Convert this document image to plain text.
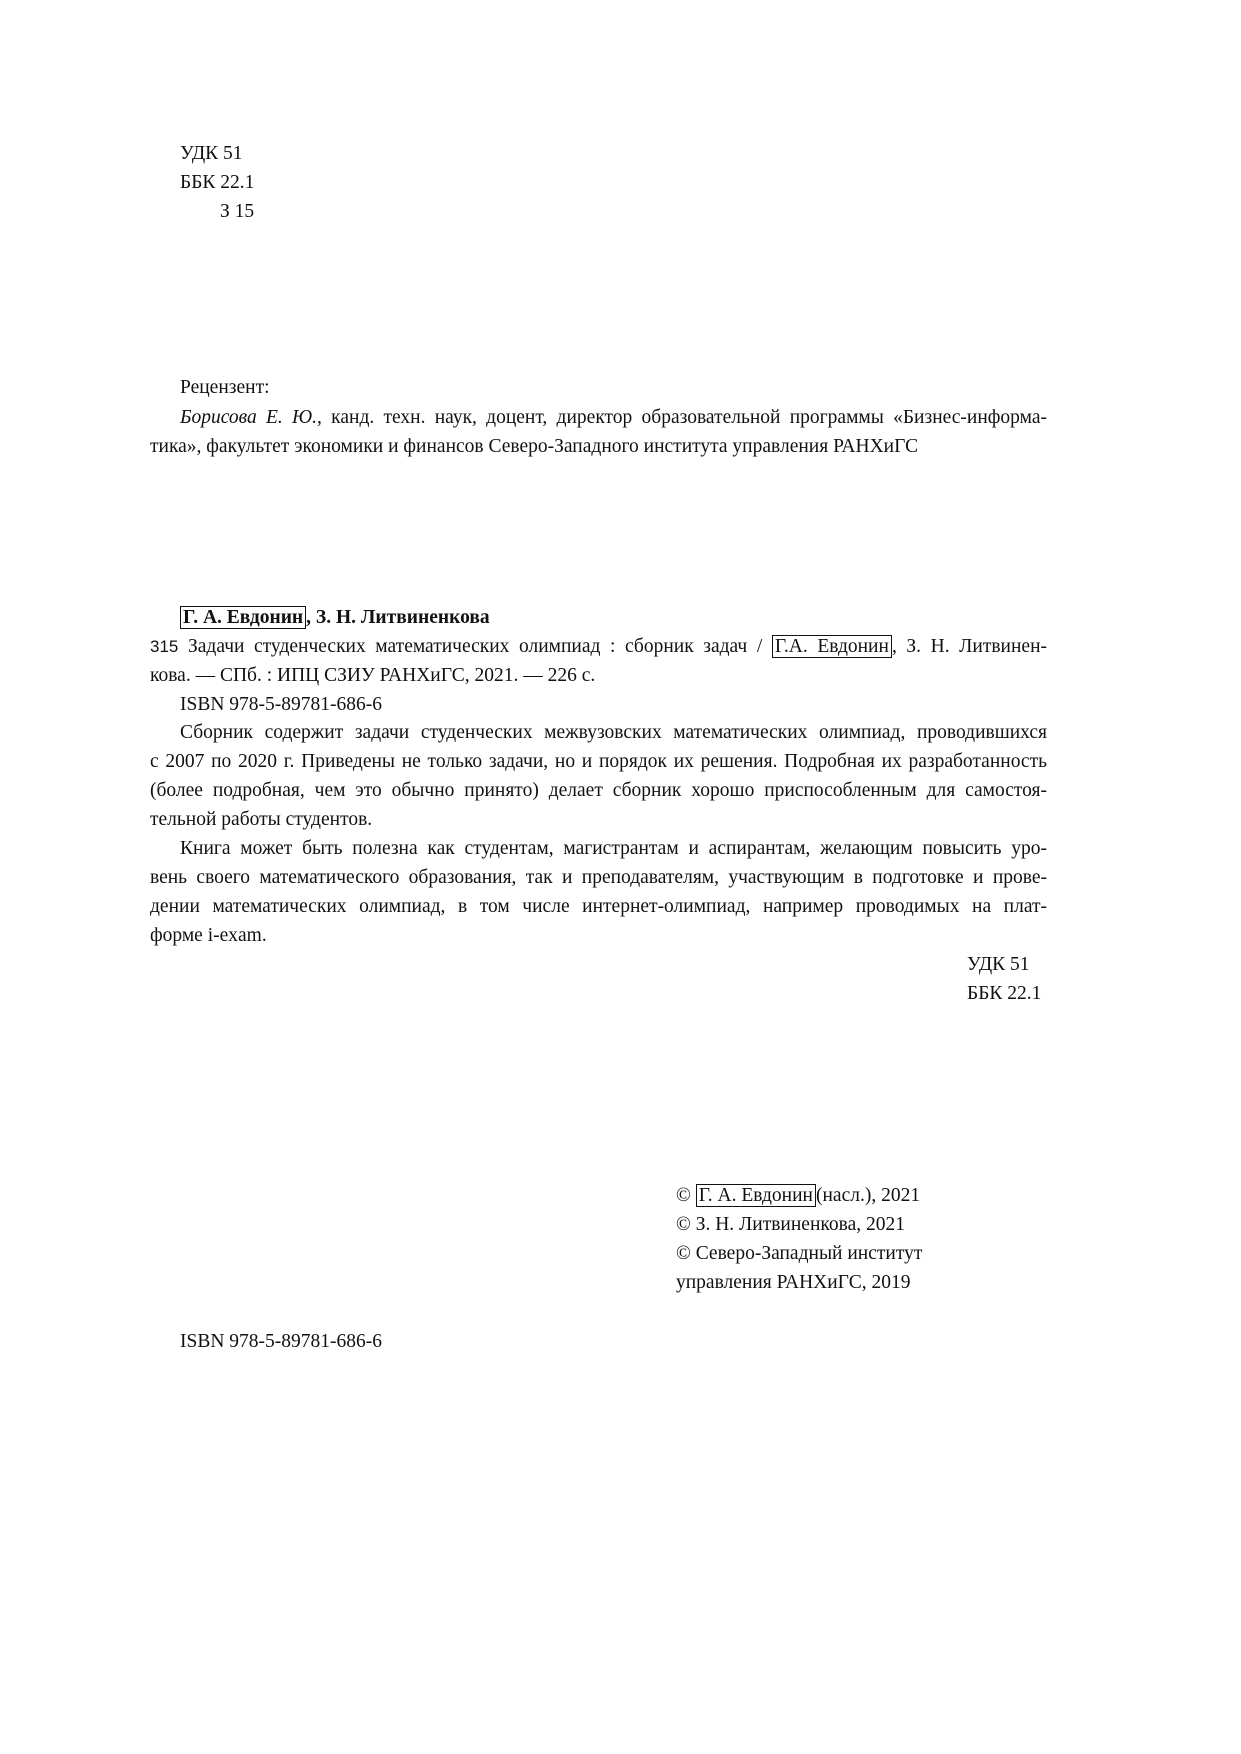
УДК 51
ББК 22.1
З 15
Рецензент:
Борисова Е. Ю., канд. техн. наук, доцент, директор образовательной программы «Бизнес-информа-
тика», факультет экономики и финансов Северо-Западного института управления РАНХиГС
Г. А. Евдонин , З. Н. Литвиненкова
315 Задачи студенческих математических олимпиад : сборник задач / Г.А. Евдонин , З. Н. Литвинен-
кова. — СПб. : ИПЦ СЗИУ РАНХиГС, 2021. — 226 с.
ISBN 978-5-89781-686-6
Сборник содержит задачи студенческих межвузовских математических олимпиад, проводившихся
с 2007 по 2020 г. Приведены не только задачи, но и порядок их решения. Подробная их разработанность
(более подробная, чем это обычно принято) делает сборник хорошо приспособленным для самостоя-
тельной работы студентов.
Книга может быть полезна как студентам, магистрантам и аспирантам, желающим повысить уро-
вень своего математического образования, так и преподавателям, участвующим в подготовке и прове-
дении математических олимпиад, в том числе интернет-олимпиад, например проводимых на плат-
форме i-exam.
УДК 51
ББК 22.1
© Г. А. Евдонин (насл.), 2021
© З. Н. Литвиненкова, 2021
© Северо-Западный институт
управления РАНХиГС, 2019
ISBN 978-5-89781-686-6
